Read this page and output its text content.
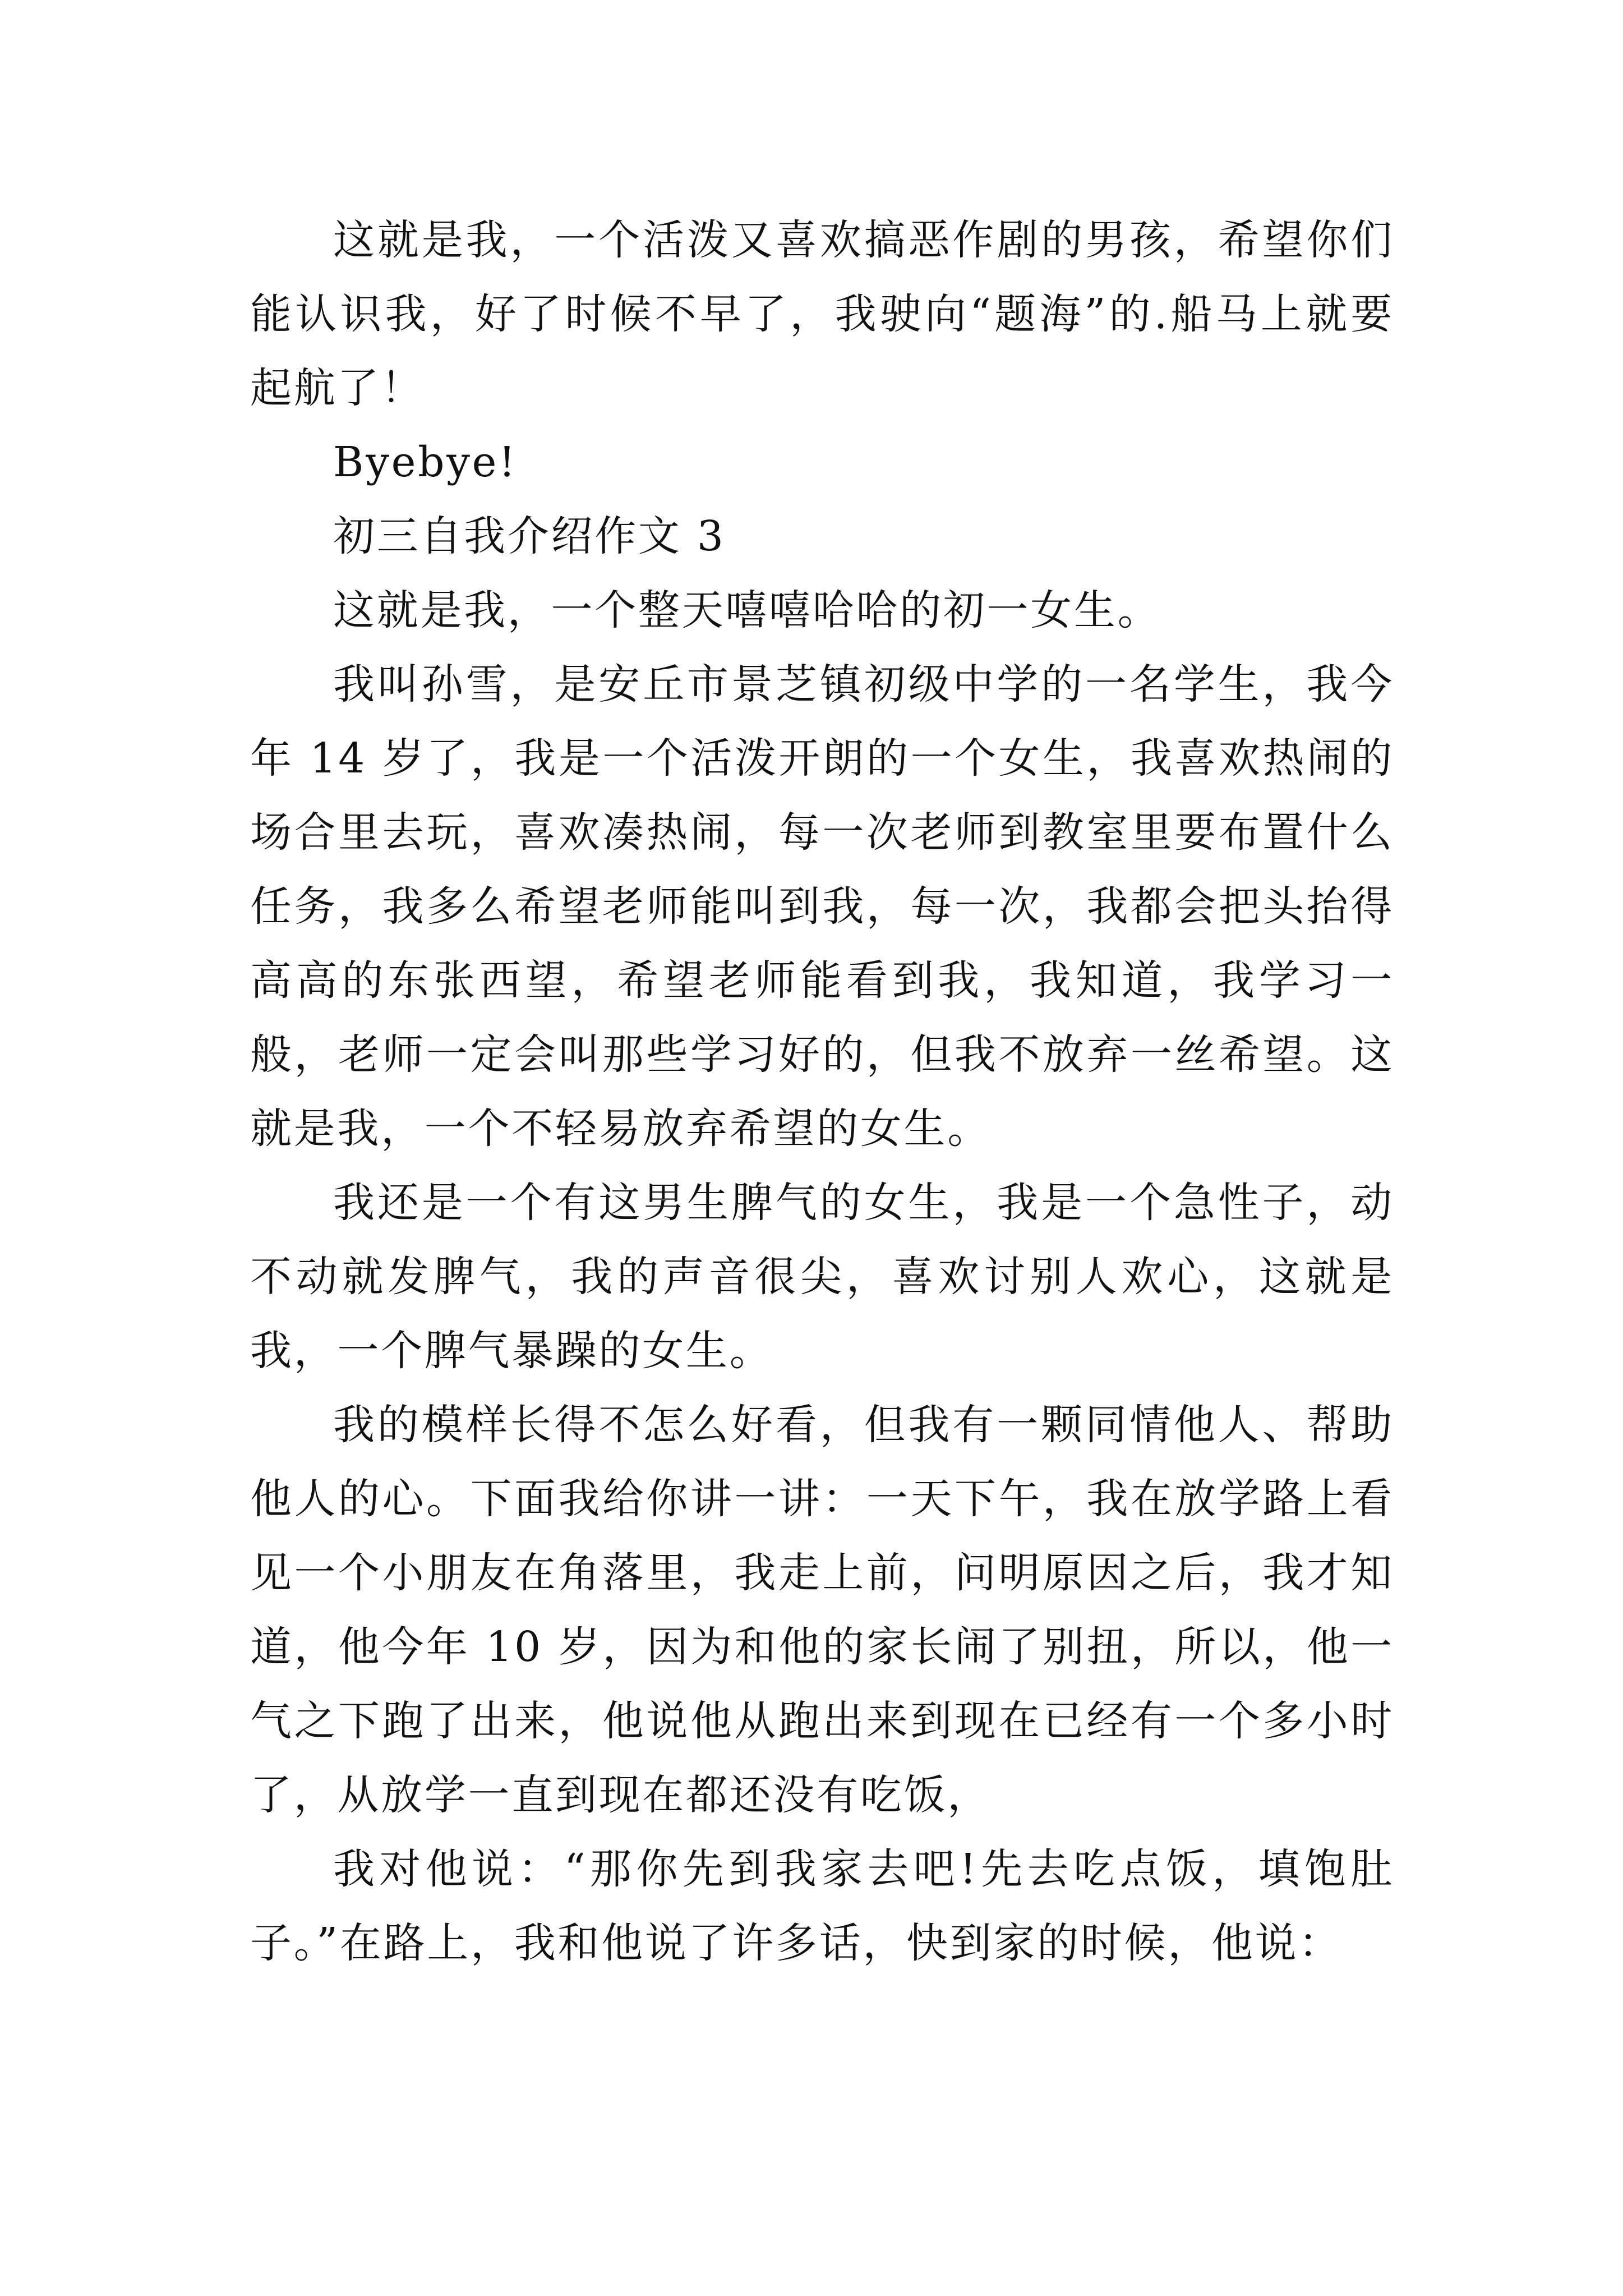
这就是我，一个活泼又喜欢搞恶作剧的男孩，希望你们能认识我，好了时候不早了，我驶向“题海”的.船马上就要起航了！

Byebye!

初三自我介绍作文 3

这就是我，一个整天嘻嘻哈哈的初一女生。

我叫孙雪，是安丘市景芝镇初级中学的一名学生，我今年 14 岁了，我是一个活泼开朗的一个女生，我喜欢热闹的场合里去玩，喜欢凑热闹，每一次老师到教室里要布置什么任务，我多么希望老师能叫到我，每一次，我都会把头抬得高高的东张西望，希望老师能看到我，我知道，我学习一般，老师一定会叫那些学习好的，但我不放弃一丝希望。这就是我，一个不轻易放弃希望的女生。

我还是一个有这男生脾气的女生，我是一个急性子，动不动就发脾气，我的声音很尖，喜欢讨别人欢心，这就是我，一个脾气暴躁的女生。

我的模样长得不怎么好看，但我有一颗同情他人、帮助他人的心。下面我给你讲一讲：一天下午，我在放学路上看见一个小朋友在角落里，我走上前，问明原因之后，我才知道，他今年 10 岁，因为和他的家长闹了别扭，所以，他一气之下跑了出来，他说他从跑出来到现在已经有一个多小时了，从放学一直到现在都还没有吃饭，

我对他说：“那你先到我家去吧!先去吃点饭，填饱肚子。”在路上，我和他说了许多话，快到家的时候，他说：
